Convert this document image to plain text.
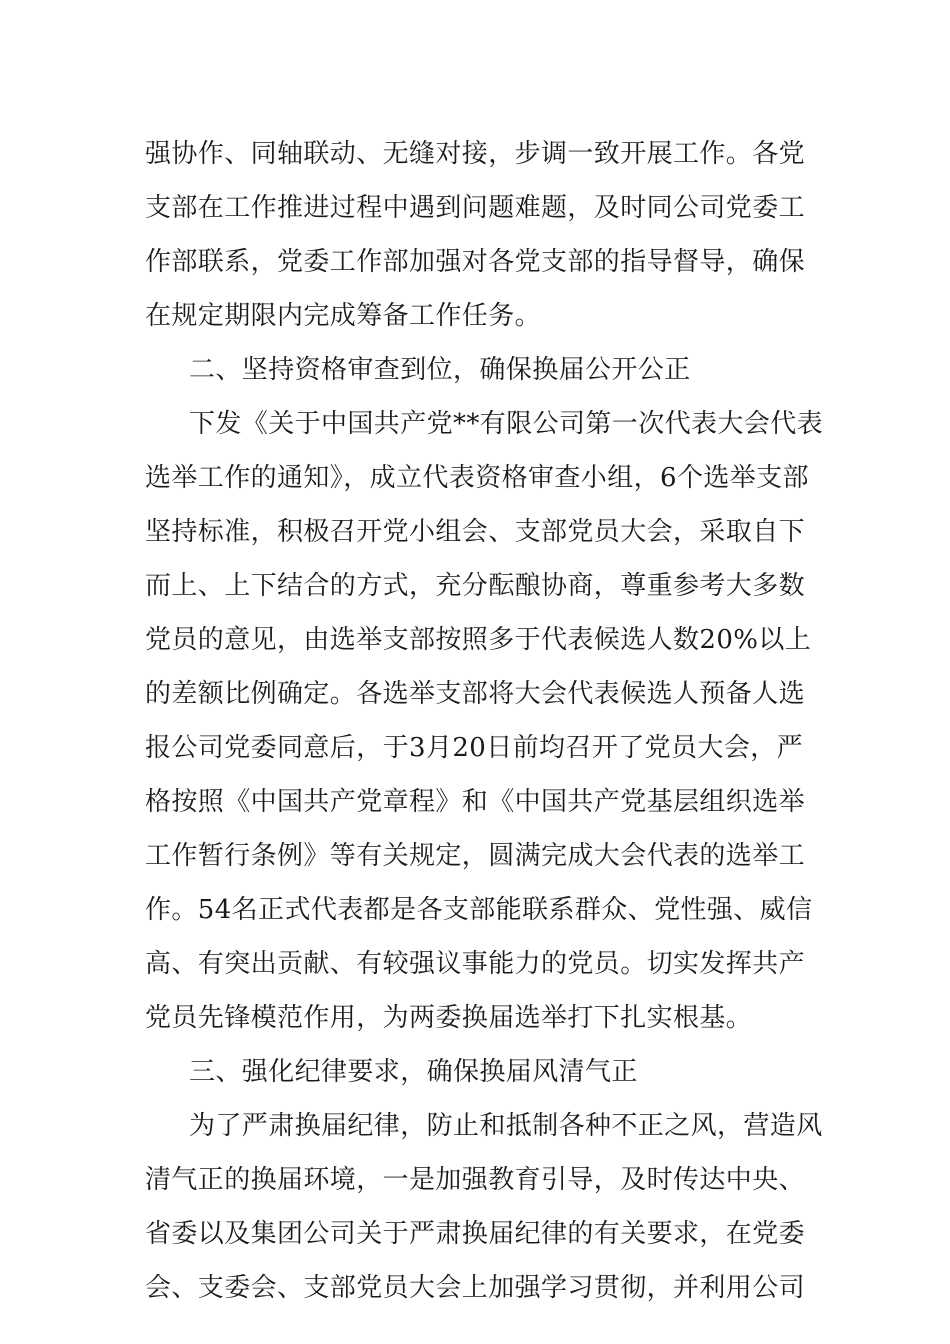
强协作、同轴联动、无缝对接，步调一致开展工作。各党
支部在工作推进过程中遇到问题难题，及时同公司党委工
作部联系，党委工作部加强对各党支部的指导督导，确保
在规定期限内完成筹备工作任务。
二、坚持资格审查到位，确保换届公开公正
下发《关于中国共产党**有限公司第一次代表大会代表
选举工作的通知》，成立代表资格审查小组，6个选举支部
坚持标准，积极召开党小组会、支部党员大会，采取自下
而上、上下结合的方式，充分酝酿协商，尊重参考大多数
党员的意见，由选举支部按照多于代表候选人数20%以上
的差额比例确定。各选举支部将大会代表候选人预备人选
报公司党委同意后，于3月20日前均召开了党员大会，严
格按照《中国共产党章程》和《中国共产党基层组织选举
工作暂行条例》等有关规定，圆满完成大会代表的选举工
作。54名正式代表都是各支部能联系群众、党性强、威信
高、有突出贡献、有较强议事能力的党员。切实发挥共产
党员先锋模范作用，为两委换届选举打下扎实根基。
三、强化纪律要求，确保换届风清气正
为了严肃换届纪律，防止和抵制各种不正之风，营造风
清气正的换届环境，一是加强教育引导，及时传达中央、
省委以及集团公司关于严肃换届纪律的有关要求，在党委
会、支委会、支部党员大会上加强学习贯彻，并利用公司
